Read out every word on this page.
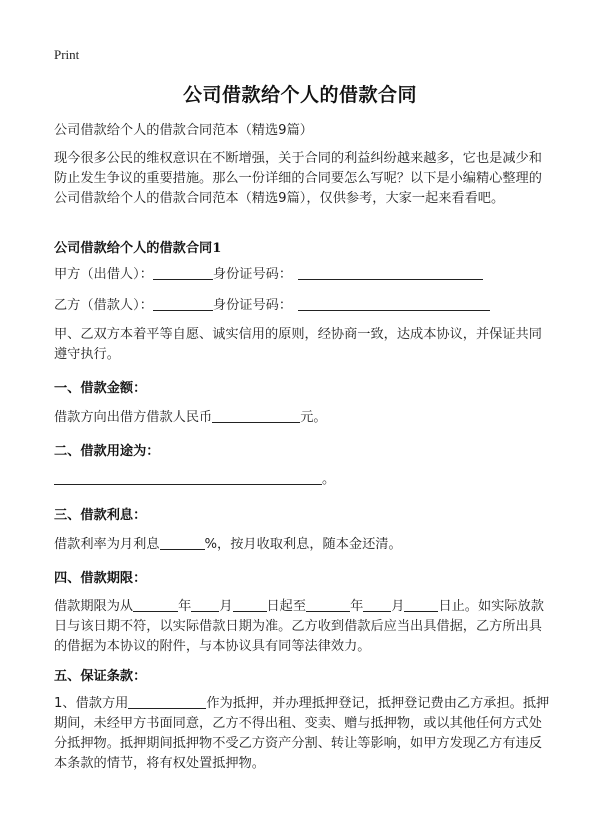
Print
公司借款给个人的借款合同
公司借款给个人的借款合同范本（精选9篇）
现今很多公民的维权意识在不断增强，关于合同的利益纠纷越来越多，它也是减少和防止发生争议的重要措施。那么一份详细的合同要怎么写呢？以下是小编精心整理的公司借款给个人的借款合同范本（精选9篇），仅供参考，大家一起来看看吧。
公司借款给个人的借款合同1
甲方（出借人）：	身份证号码：
乙方（借款人）：	身份证号码：
甲、乙双方本着平等自愿、诚实信用的原则，经协商一致，达成本协议，并保证共同遵守执行。
一、借款金额：
借款方向出借方借款人民币	元。
二、借款用途为：
。
三、借款利息：
借款利率为月利息	%，按月收取利息，随本金还清。
四、借款期限：
借款期限为从	年 月	日起至	年 月	日止。如实际放款日与该日期不符，以实际借款日期为准。乙方收到借款后应当出具借据，乙方所出具的借据为本协议的附件，与本协议具有同等法律效力。
五、保证条款：
1、借款方用	作为抵押，并办理抵押登记，抵押登记费由乙方承担。抵押期间，未经甲方书面同意，乙方不得出租、变卖、赠与抵押物，或以其他任何方式处分抵押物。抵押期间抵押物不受乙方资产分割、转让等影响，如甲方发现乙方有违反本条款的情节，将有权处置抵押物。
